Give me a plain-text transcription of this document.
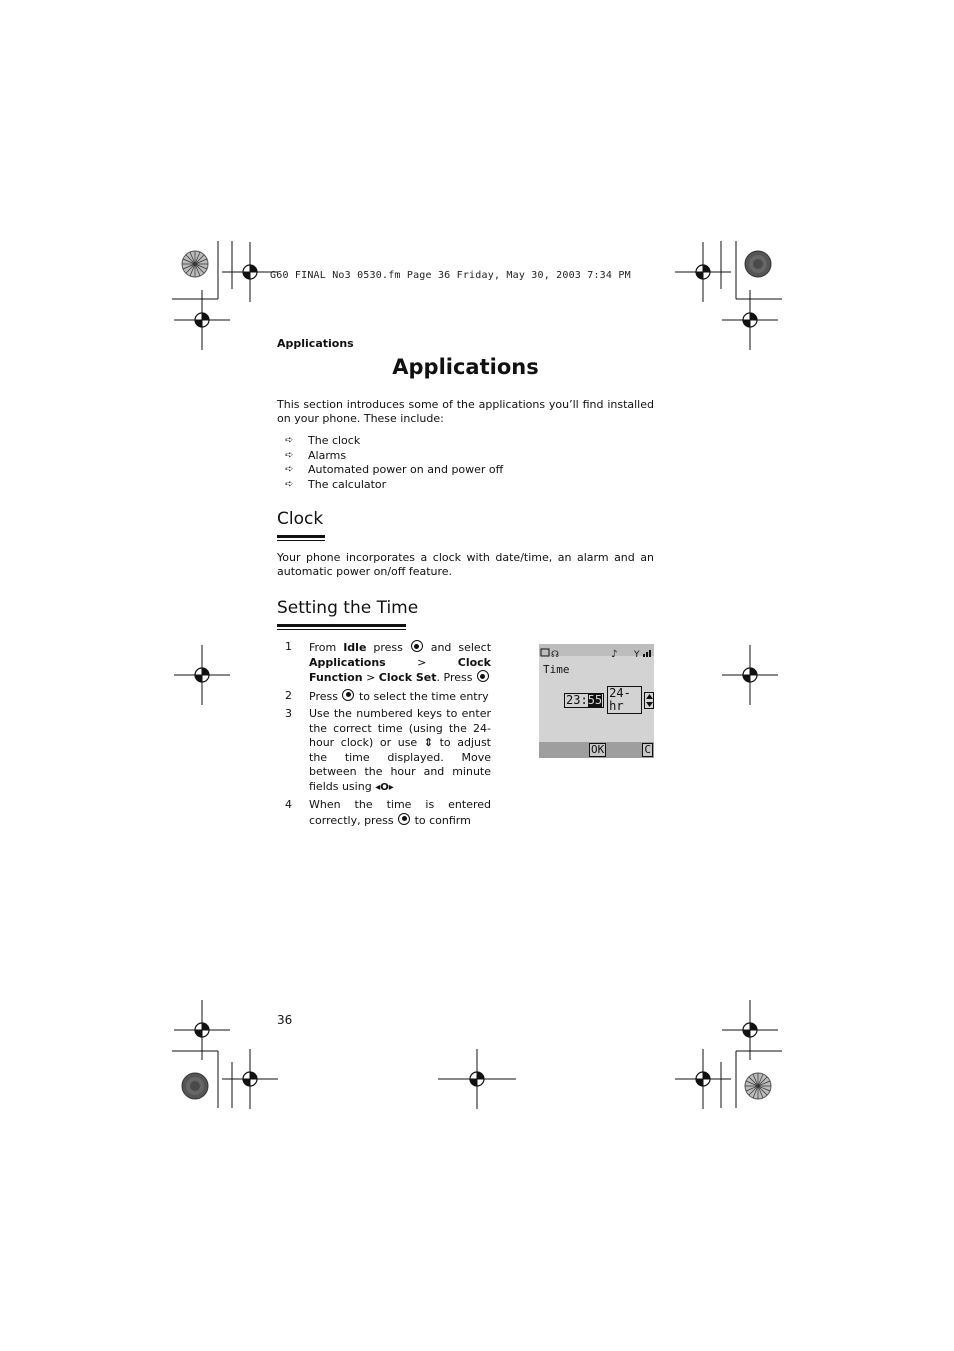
G60 FINAL No3 0530.fm Page 36 Friday, May 30, 2003 7:34 PM
Applications
Applications
This section introduces some of the applications you’ll find installed on your phone. These include:
➪	The clock
➪	Alarms
➪	Automated power on and power off
➪	The calculator
Clock
Your phone incorporates a clock with date/time, an alarm and an automatic power on/off feature.
Setting the Time
1	From Idle press	and select Applications	>	Clock Function > Clock Set. Press
2	Press to select the time entry
3	Use the numbered keys to enter the correct time (using the 24-hour clock) or use ⇕ to adjust the time displayed. Move between the hour and minute fields using ◂O▸
4	When the time is entered correctly, press to confirm
☊	♪ Y
Time
23:55 24-hr
OK	C
36
